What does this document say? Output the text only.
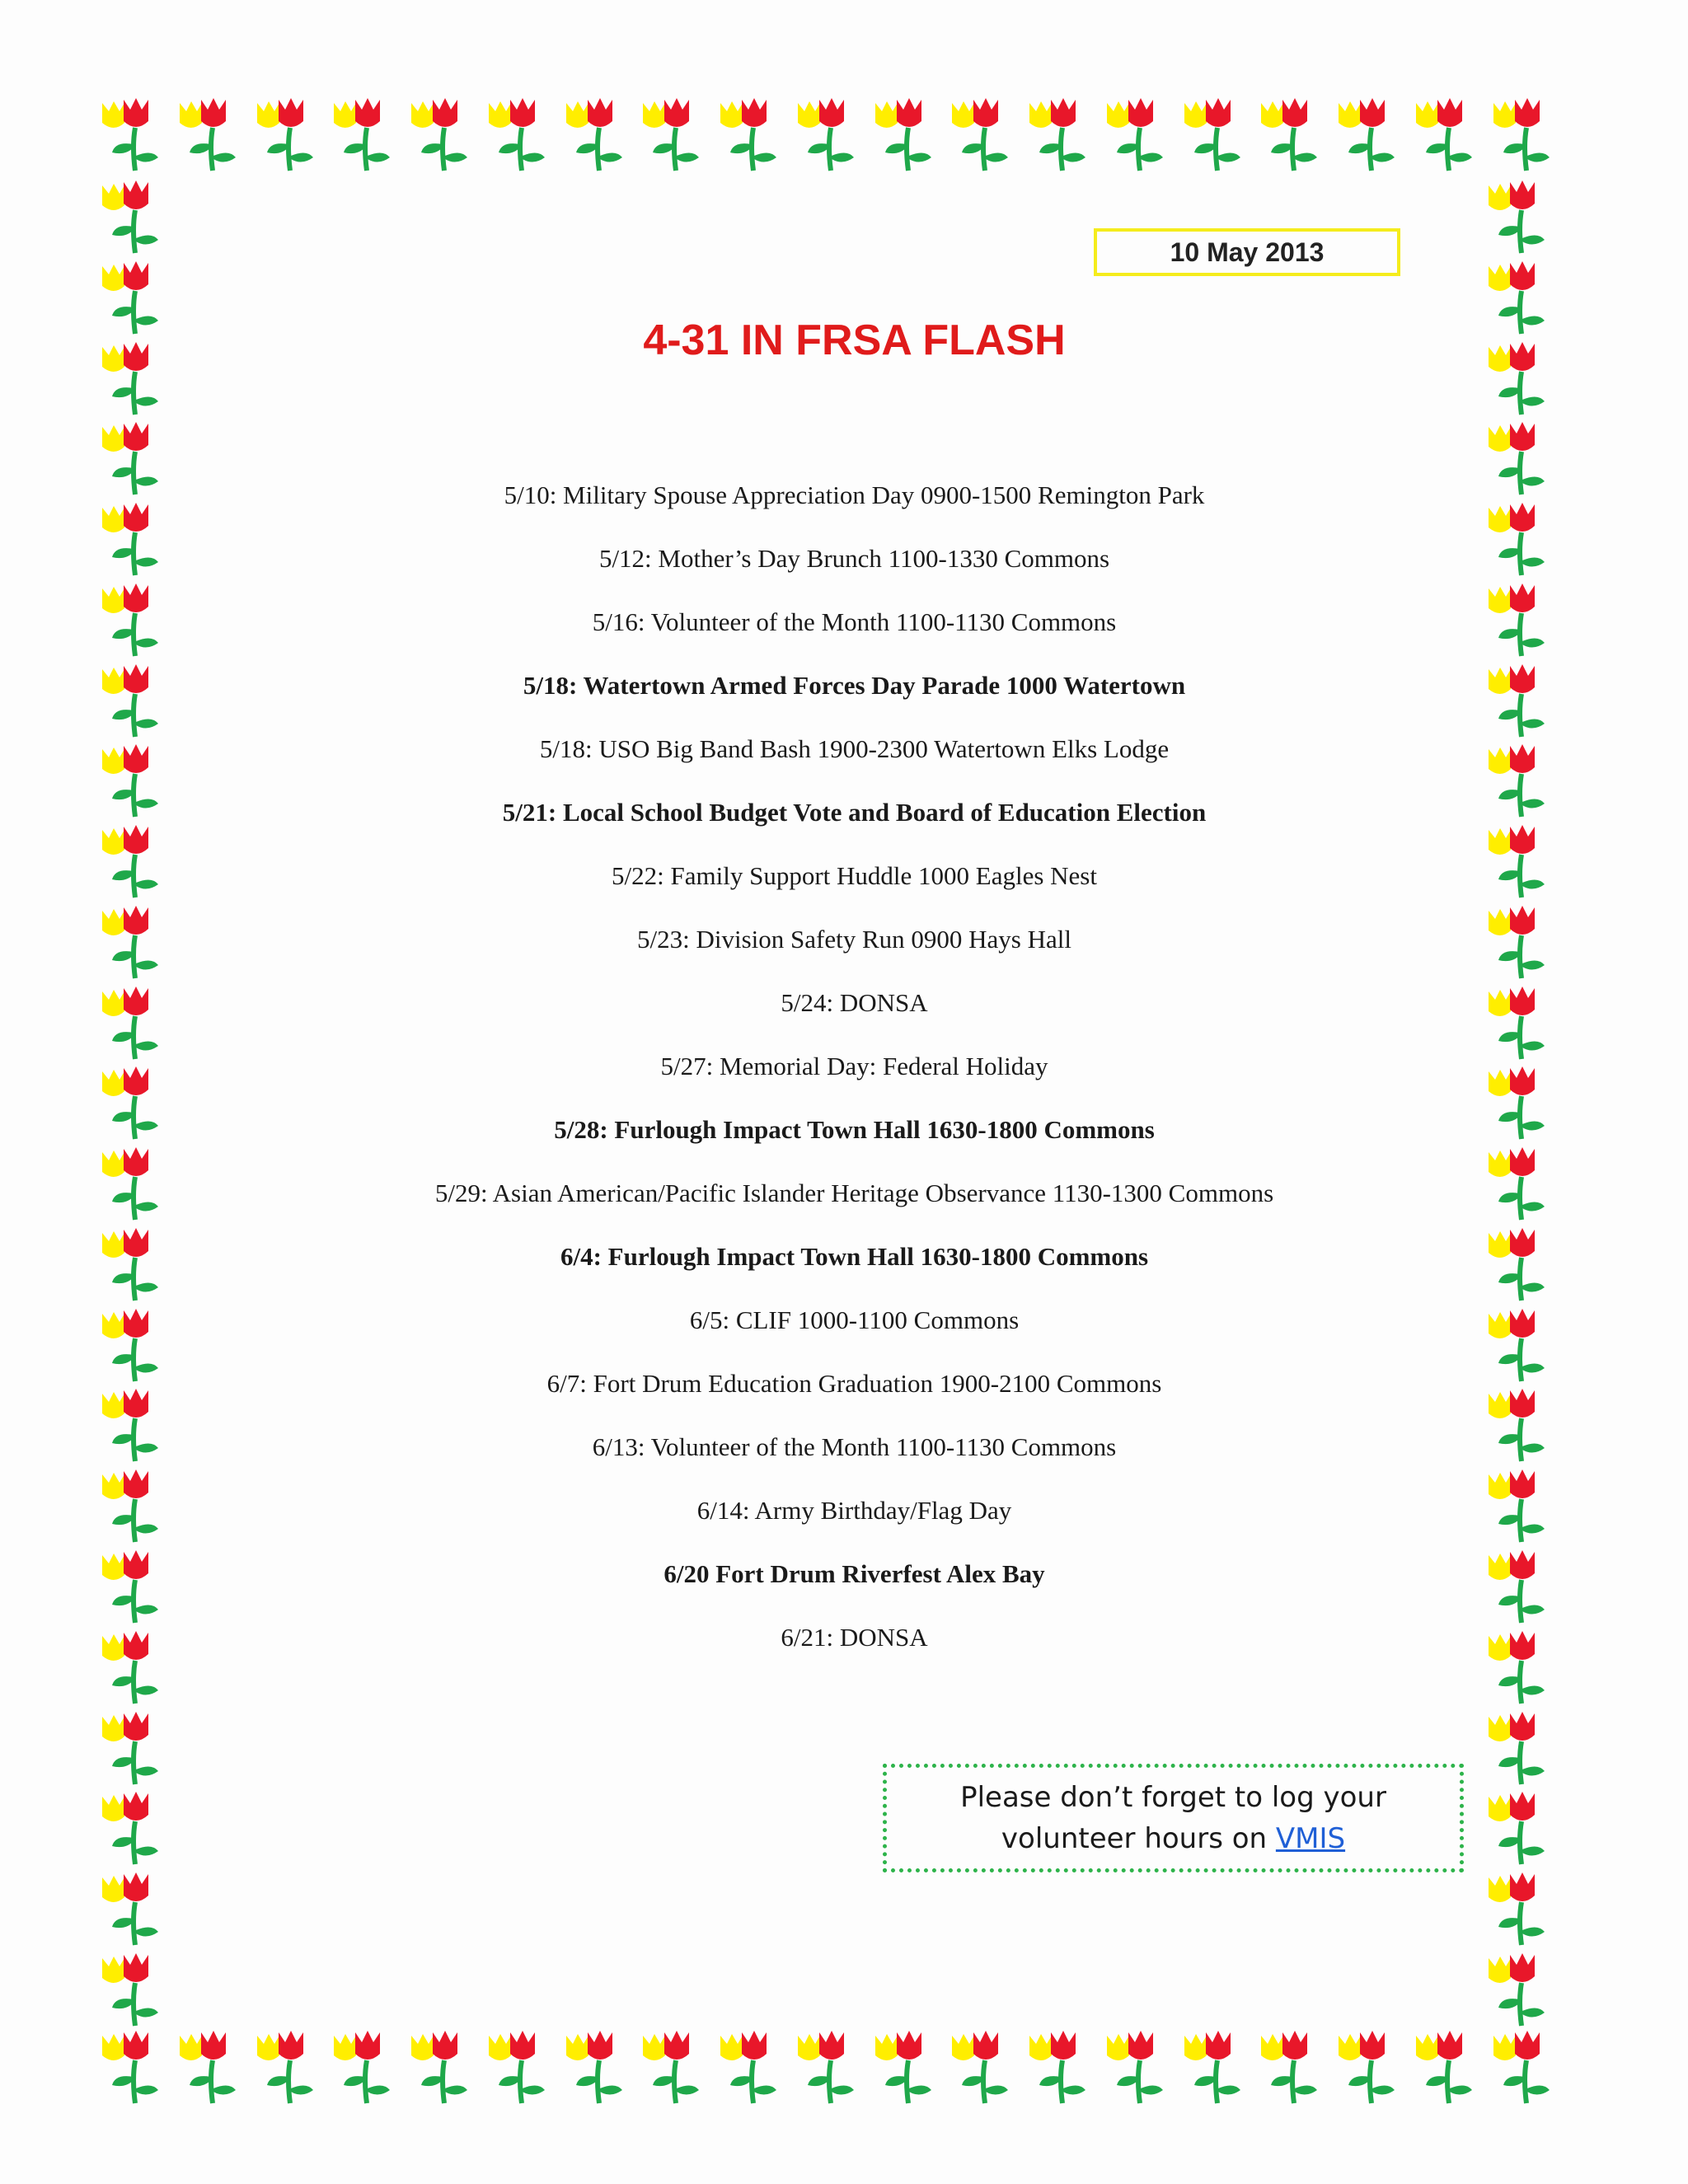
10 May 2013
4-31 IN FRSA FLASH
5/10: Military Spouse Appreciation Day 0900-1500 Remington Park
5/12: Mother’s Day Brunch 1100-1330 Commons
5/16: Volunteer of the Month 1100-1130 Commons
5/18: Watertown Armed Forces Day Parade 1000 Watertown
5/18: USO Big Band Bash 1900-2300 Watertown Elks Lodge
5/21: Local School Budget Vote and Board of Education Election
5/22: Family Support Huddle 1000 Eagles Nest
5/23: Division Safety Run 0900 Hays Hall
5/24: DONSA
5/27: Memorial Day: Federal Holiday
5/28: Furlough Impact Town Hall 1630-1800 Commons
5/29: Asian American/Pacific Islander Heritage Observance 1130-1300 Commons
6/4: Furlough Impact Town Hall 1630-1800 Commons
6/5: CLIF 1000-1100 Commons
6/7: Fort Drum Education Graduation 1900-2100 Commons
6/13: Volunteer of the Month 1100-1130 Commons
6/14: Army Birthday/Flag Day
6/20 Fort Drum Riverfest Alex Bay
6/21: DONSA
Please don’t forget to log your volunteer hours on VMIS
